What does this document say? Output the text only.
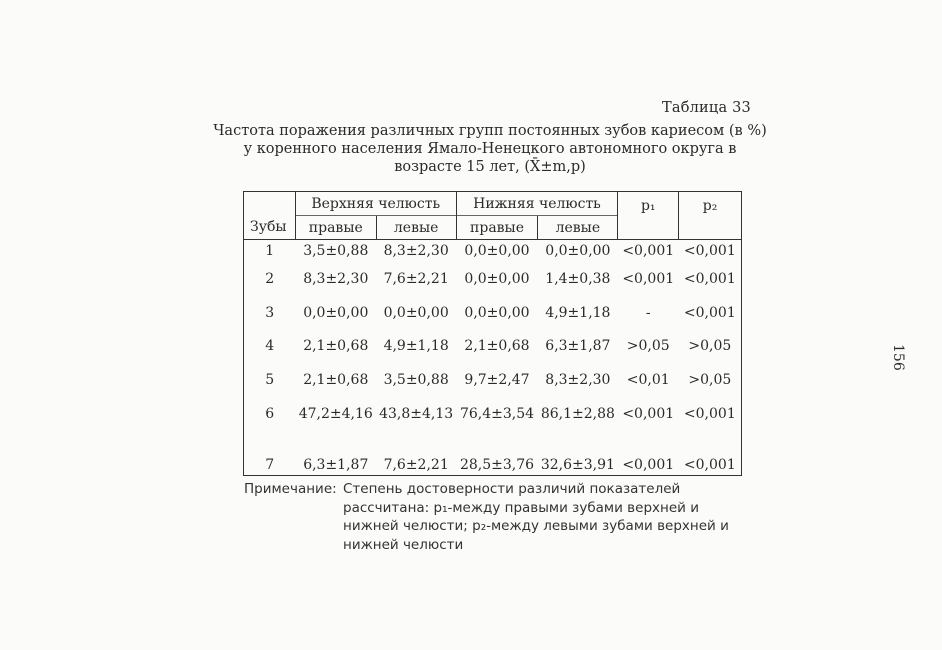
Таблица 33
Частота поражения различных групп постоянных зубов кариесом (в %)
у коренного населения Ямало-Ненецкого автономного округа в
возрасте 15 лет, (X̄±m,p)
	Верхняя челюсть		Нижняя челюсть		p₁	p₂
Зубы	правые	левые	правые	левые		
1	3,5±0,88	8,3±2,30	0,0±0,00	0,0±0,00	<0,001	<0,001
2	8,3±2,30	7,6±2,21	0,0±0,00	1,4±0,38	<0,001	<0,001
3	0,0±0,00	0,0±0,00	0,0±0,00	4,9±1,18	-	<0,001
4	2,1±0,68	4,9±1,18	2,1±0,68	6,3±1,87	>0,05	>0,05
5	2,1±0,68	3,5±0,88	9,7±2,47	8,3±2,30	<0,01	>0,05
6	47,2±4,16	43,8±4,13	76,4±3,54	86,1±2,88	<0,001	<0,001
7	6,3±1,87	7,6±2,21	28,5±3,76	32,6±3,91	<0,001	<0,001
156
Примечание: Степень достоверности различий показателей рассчитана: p₁-между правыми зубами верхней и нижней челюсти; p₂-между левыми зубами верхней и нижней челюсти
